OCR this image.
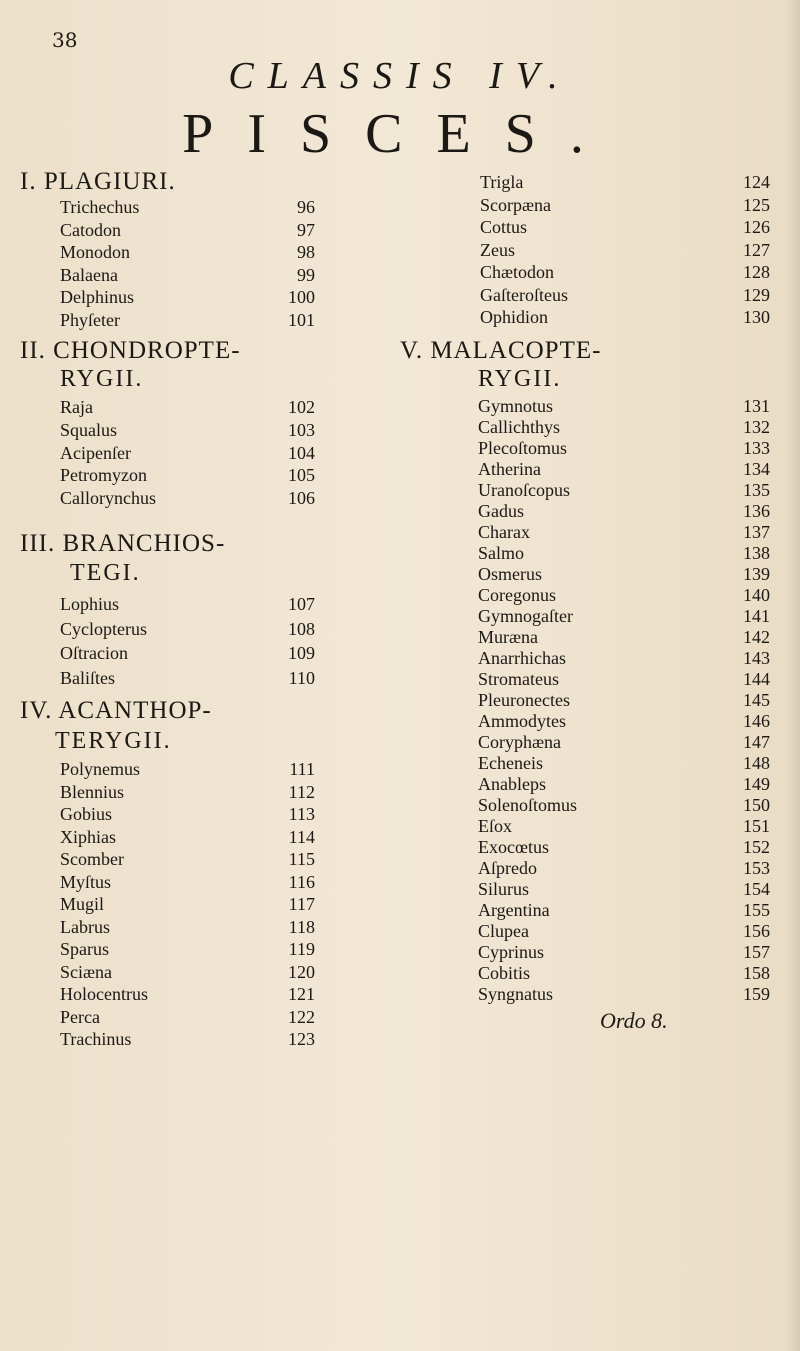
38
CLASSIS IV.
PISCES.
I. PLAGIURI.
Trichechus	96
Catodon	97
Monodon	98
Balaena	99
Delphinus	100
Phyſeter	101
II. CHONDROPTE-
RYGII.
Raja	102
Squalus	103
Acipenſer	104
Petromyzon	105
Callorynchus	106
III. BRANCHIOS-
TEGI.
Lophius	107
Cyclopterus	108
Oſtracion	109
Baliſtes	110
IV. ACANTHOP-
TERYGII.
Polynemus	111
Blennius	112
Gobius	113
Xiphias	114
Scomber	115
Myſtus	116
Mugil	117
Labrus	118
Sparus	119
Sciæna	120
Holocentrus	121
Perca	122
Trachinus	123
Trigla	124
Scorpæna	125
Cottus	126
Zeus	127
Chætodon	128
Gaſteroſteus	129
Ophidion	130
V. MALACOPTE-
RYGII.
Gymnotus	131
Callichthys	132
Plecoſtomus	133
Atherina	134
Uranoſcopus	135
Gadus	136
Charax	137
Salmo	138
Osmerus	139
Coregonus	140
Gymnogaſter	141
Muræna	142
Anarrhichas	143
Stromateus	144
Pleuronectes	145
Ammodytes	146
Coryphæna	147
Echeneis	148
Anableps	149
Solenoſtomus	150
Eſox	151
Exocœtus	152
Aſpredo	153
Silurus	154
Argentina	155
Clupea	156
Cyprinus	157
Cobitis	158
Syngnatus	159
Ordo 8.
